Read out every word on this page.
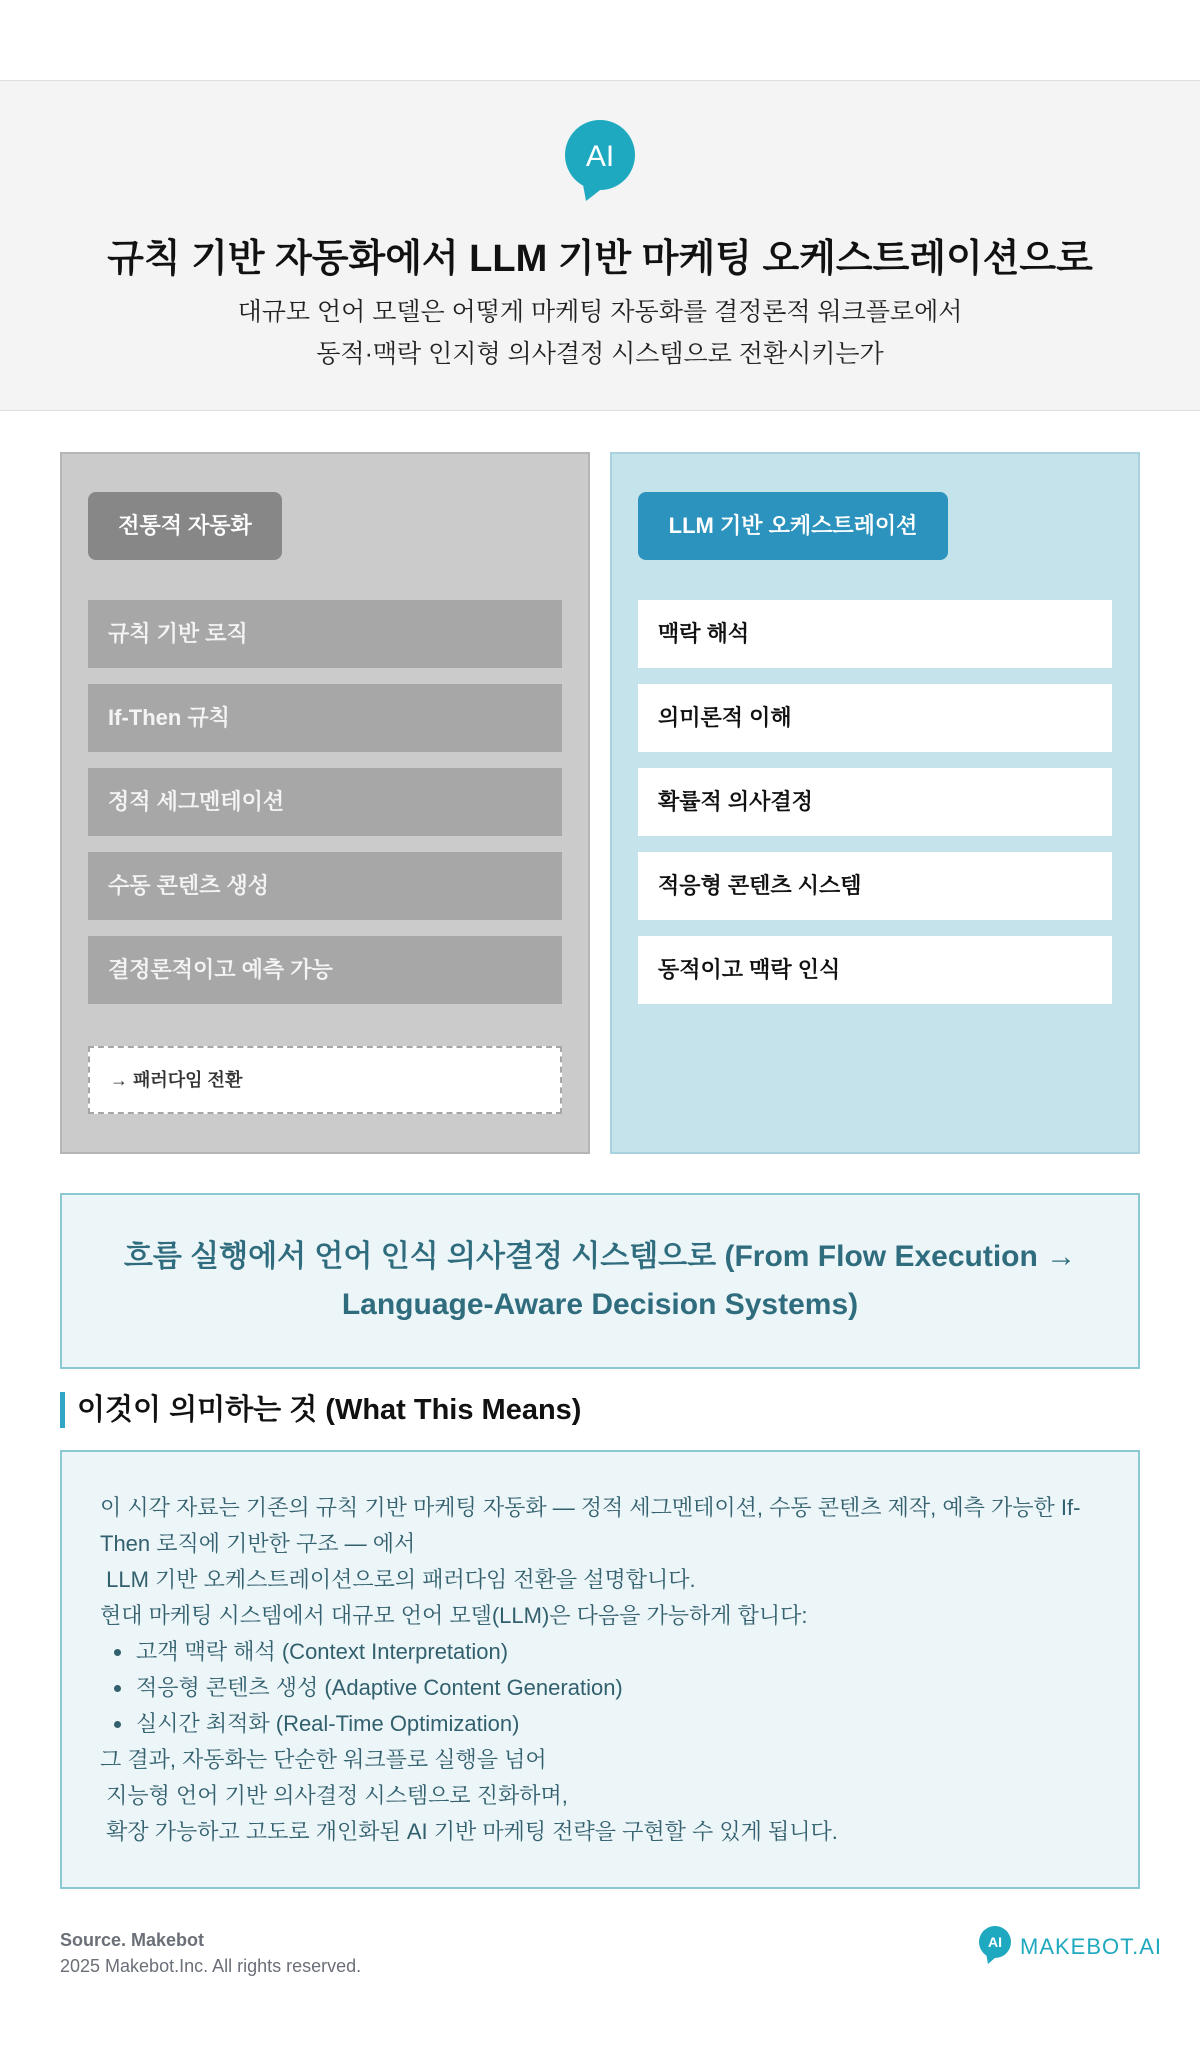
AI
규칙 기반 자동화에서 LLM 기반 마케팅 오케스트레이션으로
대규모 언어 모델은 어떻게 마케팅 자동화를 결정론적 워크플로에서
동적·맥락 인지형 의사결정 시스템으로 전환시키는가
전통적 자동화
규칙 기반 로직
If-Then 규칙
정적 세그멘테이션
수동 콘텐츠 생성
결정론적이고 예측 가능
→ 패러다임 전환
LLM 기반 오케스트레이션
맥락 해석
의미론적 이해
확률적 의사결정
적응형 콘텐츠 시스템
동적이고 맥락 인식
흐름 실행에서 언어 인식 의사결정 시스템으로 (From Flow Execution →
Language-Aware Decision Systems)
이것이 의미하는 것 (What This Means)
이 시각 자료는 기존의 규칙 기반 마케팅 자동화 — 정적 세그멘테이션, 수동 콘텐츠 제작, 예측 가능한 If-
Then 로직에 기반한 구조 — 에서
LLM 기반 오케스트레이션으로의 패러다임 전환을 설명합니다.
현대 마케팅 시스템에서 대규모 언어 모델(LLM)은 다음을 가능하게 합니다:
고객 맥락 해석 (Context Interpretation)
적응형 콘텐츠 생성 (Adaptive Content Generation)
실시간 최적화 (Real-Time Optimization)
그 결과, 자동화는 단순한 워크플로 실행을 넘어
지능형 언어 기반 의사결정 시스템으로 진화하며,
확장 가능하고 고도로 개인화된 AI 기반 마케팅 전략을 구현할 수 있게 됩니다.
Source. Makebot
2025 Makebot.Inc. All rights reserved.
AI MAKEBOT.AI
